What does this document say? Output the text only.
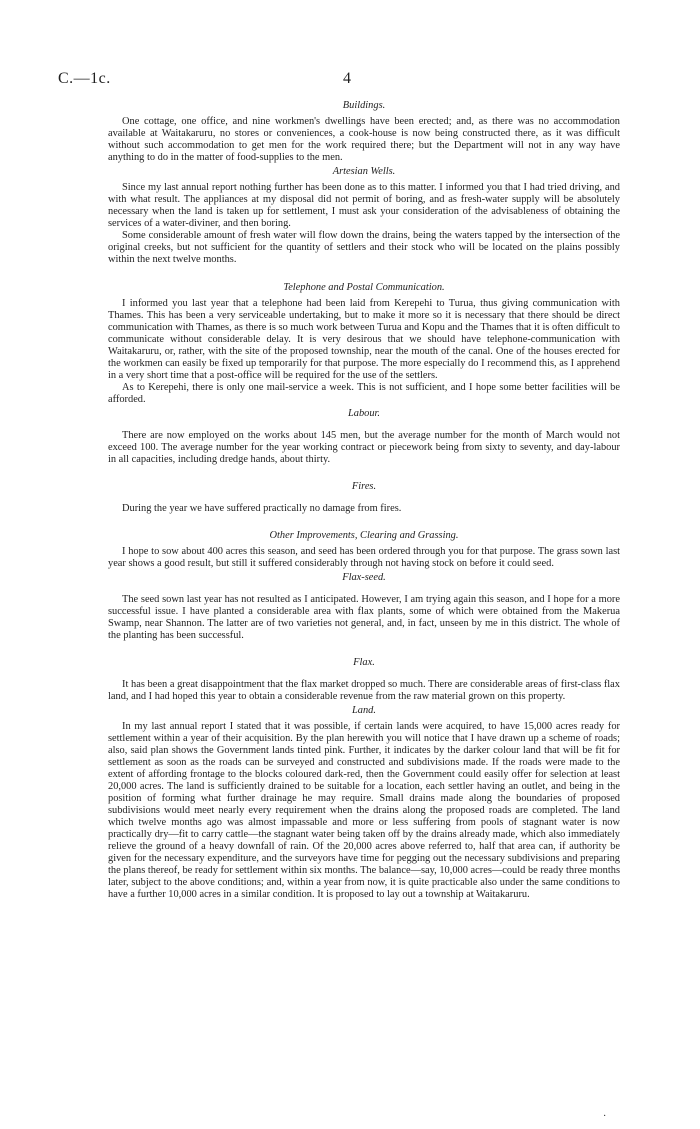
C.—1c.	4
Buildings.

One cottage, one office, and nine workmen's dwellings have been erected; and, as there was no accommodation available at Waitakaruru, no stores or conveniences, a cook-house is now being constructed there, as it was difficult without such accommodation to get men for the work required there; but the Department will not in any way have anything to do in the matter of food-supplies to the men.

Artesian Wells.

Since my last annual report nothing further has been done as to this matter. I informed you that I had tried driving, and with what result. The appliances at my disposal did not permit of boring, and as fresh-water supply will be absolutely necessary when the land is taken up for settlement, I must ask your consideration of the advisableness of obtaining the services of a water-diviner, and then boring.

Some considerable amount of fresh water will flow down the drains, being the waters tapped by the intersection of the original creeks, but not sufficient for the quantity of settlers and their stock who will be located on the plains possibly within the next twelve months.

Telephone and Postal Communication.

I informed you last year that a telephone had been laid from Kerepehi to Turua, thus giving communication with Thames. This has been a very serviceable undertaking, but to make it more so it is necessary that there should be direct communication with Thames, as there is so much work between Turua and Kopu and the Thames that it is often difficult to communicate without considerable delay. It is very desirous that we should have telephone-communication with Waitakaruru, or, rather, with the site of the proposed township, near the mouth of the canal. One of the houses erected for the workmen can easily be fixed up temporarily for that purpose. The more especially do I recommend this, as I apprehend in a very short time that a post-office will be required for the use of the settlers.

As to Kerepehi, there is only one mail-service a week. This is not sufficient, and I hope some better facilities will be afforded.

Labour.

There are now employed on the works about 145 men, but the average number for the month of March would not exceed 100. The average number for the year working contract or piecework being from sixty to seventy, and day-labour in all capacities, including dredge hands, about thirty.

Fires.

During the year we have suffered practically no damage from fires.

Other Improvements, Clearing and Grassing.

I hope to sow about 400 acres this season, and seed has been ordered through you for that purpose. The grass sown last year shows a good result, but still it suffered considerably through not having stock on before it could seed.

Flax-seed.

The seed sown last year has not resulted as I anticipated. However, I am trying again this season, and I hope for a more successful issue. I have planted a considerable area with flax plants, some of which were obtained from the Makerua Swamp, near Shannon. The latter are of two varieties not general, and, in fact, unseen by me in this district. The whole of the planting has been successful.

Flax.

It has been a great disappointment that the flax market dropped so much. There are considerable areas of first-class flax land, and I had hoped this year to obtain a considerable revenue from the raw material grown on this property.

Land.

In my last annual report I stated that it was possible, if certain lands were acquired, to have 15,000 acres ready for settlement within a year of their acquisition. By the plan herewith you will notice that I have drawn up a scheme of roads; also, said plan shows the Government lands tinted pink. Further, it indicates by the darker colour land that will be fit for settlement as soon as the roads can be surveyed and constructed and subdivisions made. If the roads were made to the extent of affording frontage to the blocks coloured dark-red, then the Government could easily offer for selection at least 20,000 acres. The land is sufficiently drained to be suitable for a location, each settler having an outlet, and being in the position of forming what further drainage he may require. Small drains made along the boundaries of proposed subdivisions would meet nearly every requirement when the drains along the proposed roads are completed. The land which twelve months ago was almost impassable and more or less suffering from pools of stagnant water is now practically dry—fit to carry cattle—the stagnant water being taken off by the drains already made, which also immediately relieve the ground of a heavy downfall of rain. Of the 20,000 acres above referred to, half that area can, if authority be given for the necessary expenditure, and the surveyors have time for pegging out the necessary subdivisions and preparing the plans thereof, be ready for settlement within six months. The balance—say, 10,000 acres—could be ready three months later, subject to the above conditions; and, within a year from now, it is quite practicable also under the same conditions to have a further 10,000 acres in a similar condition. It is proposed to lay out a township at Waitakaruru.

·
